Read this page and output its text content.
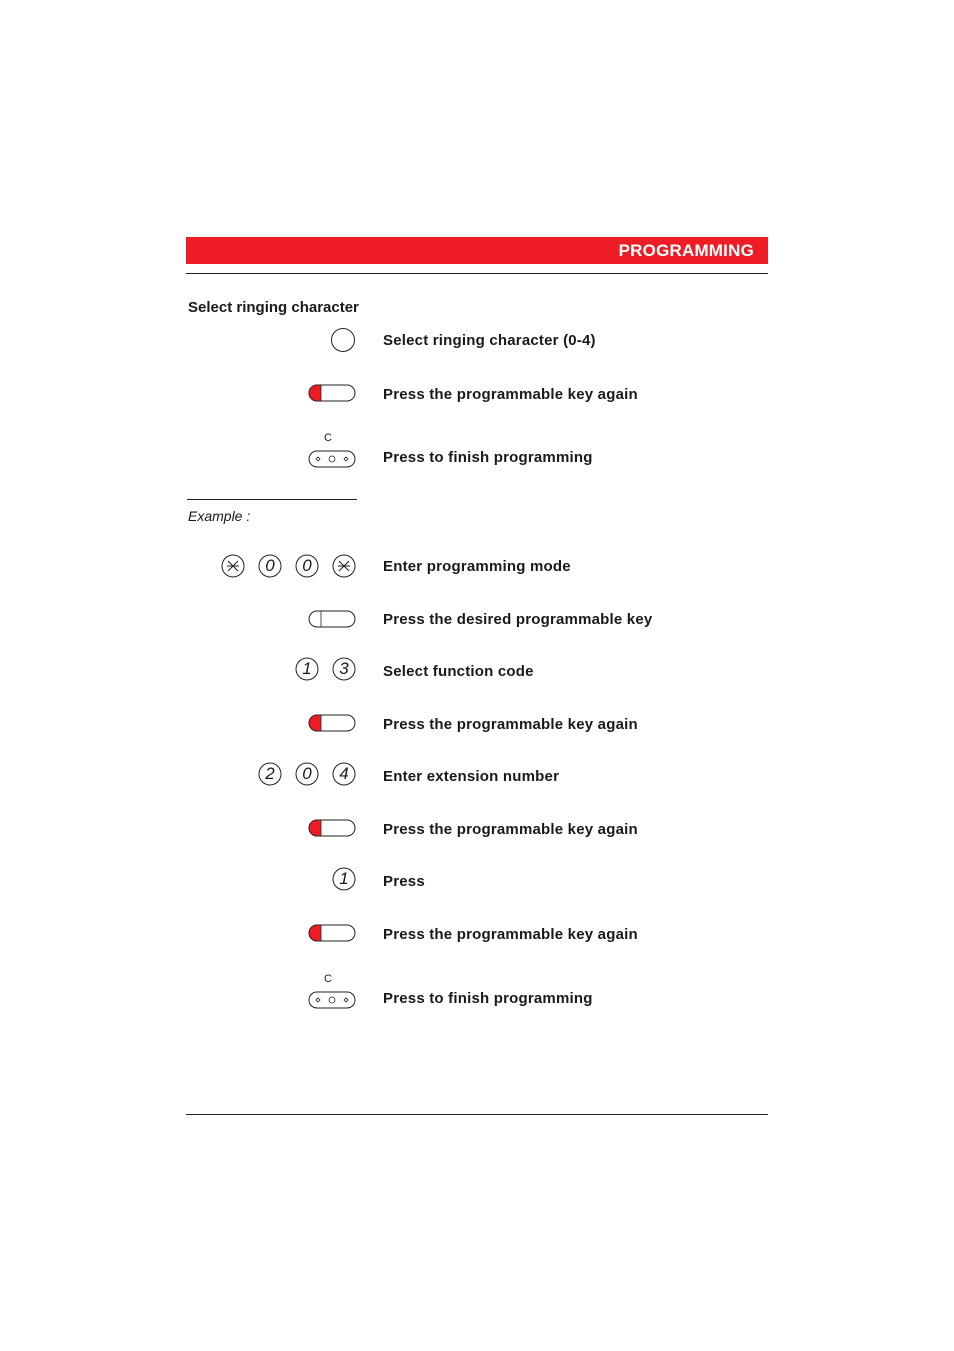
PROGRAMMING
Select ringing character
Select ringing character (0-4)
Press the programmable key again
C
Press to finish programming
Example :
0	0	Enter programming mode
Press the desired programmable key
1	3	Select function code
Press the programmable key again
2	0	4	Enter extension number
Press the programmable key again
1	Press
Press the programmable key again
C
Press to finish programming
